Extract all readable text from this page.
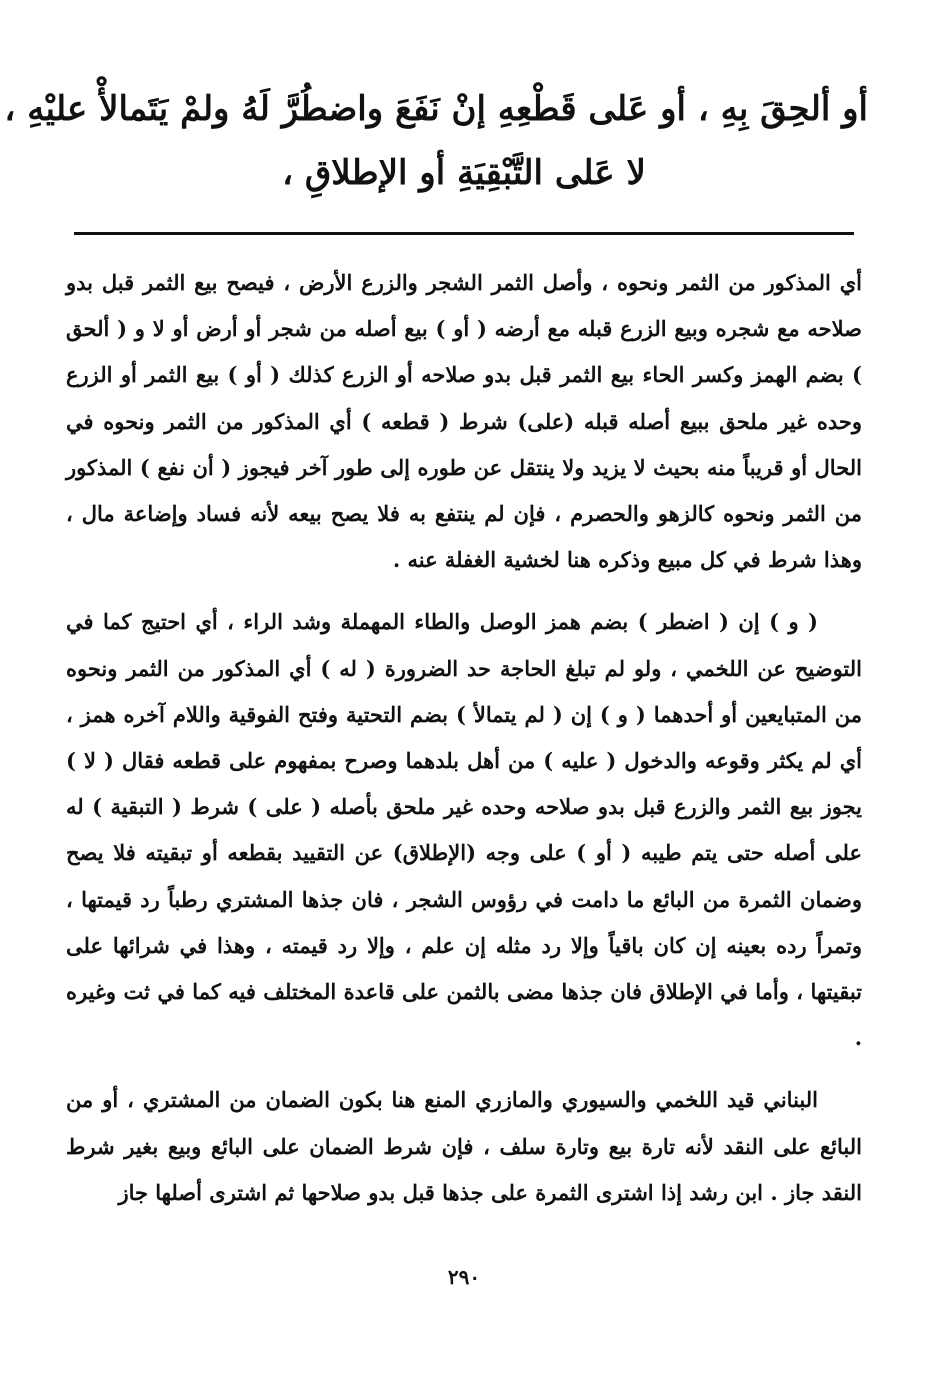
أو ألحِقَ بِهِ ، أو عَلى قَطْعِهِ إنْ نَفَعَ واضطُرَّ لَهُ ولمْ يَتَمالأْ عليْهِ ،
لا عَلى التَّبْقِيَةِ أو الإطلاقِ ،

أي المذكور من الثمر ونحوه ، وأصل الثمر الشجر والزرع الأرض ، فيصح بيع الثمر قبل بدو صلاحه مع شجره وبيع الزرع قبله مع أرضه ( أو ) بيع أصله من شجر أو أرض أو لا و ( ألحق ) بضم الهمز وكسر الحاء بيع الثمر قبل بدو صلاحه أو الزرع كذلك ( أو ) بيع الثمر أو الزرع وحده غير ملحق ببيع أصله قبله (على) شرط ( قطعه ) أي المذكور من الثمر ونحوه في الحال أو قريباً منه بحيث لا يزيد ولا ينتقل عن طوره إلى طور آخر فيجوز ( أن نفع ) المذكور من الثمر ونحوه كالزهو والحصرم ، فإن لم ينتفع به فلا يصح بيعه لأنه فساد وإضاعة مال ، وهذا شرط في كل مبيع وذكره هنا لخشية الغفلة عنه .

( و ) إن ( اضطر ) بضم همز الوصل والطاء المهملة وشد الراء ، أي احتيج كما في التوضيح عن اللخمي ، ولو لم تبلغ الحاجة حد الضرورة ( له ) أي المذكور من الثمر ونحوه من المتبايعين أو أحدهما ( و ) إن ( لم يتمالأ ) بضم التحتية وفتح الفوقية واللام آخره همز ، أي لم يكثر وقوعه والدخول ( عليه ) من أهل بلدهما وصرح بمفهوم على قطعه فقال ( لا ) يجوز بيع الثمر والزرع قبل بدو صلاحه وحده غير ملحق بأصله ( على ) شرط ( التبقية ) له على أصله حتى يتم طيبه ( أو ) على وجه (الإطلاق) عن التقييد بقطعه أو تبقيته فلا يصح وضمان الثمرة من البائع ما دامت في رؤوس الشجر ، فان جذها المشتري رطباً رد قيمتها ، وتمراً رده بعينه إن كان باقياً وإلا رد مثله إن علم ، وإلا رد قيمته ، وهذا في شرائها على تبقيتها ، وأما في الإطلاق فان جذها مضى بالثمن على قاعدة المختلف فيه كما في ثت وغيره .

البناني قيد اللخمي والسيوري والمازري المنع هنا بكون الضمان من المشتري ، أو من البائع على النقد لأنه تارة بيع وتارة سلف ، فإن شرط الضمان على البائع وبيع بغير شرط النقد جاز . ابن رشد إذا اشترى الثمرة على جذها قبل بدو صلاحها ثم اشترى أصلها جاز

٢٩٠
